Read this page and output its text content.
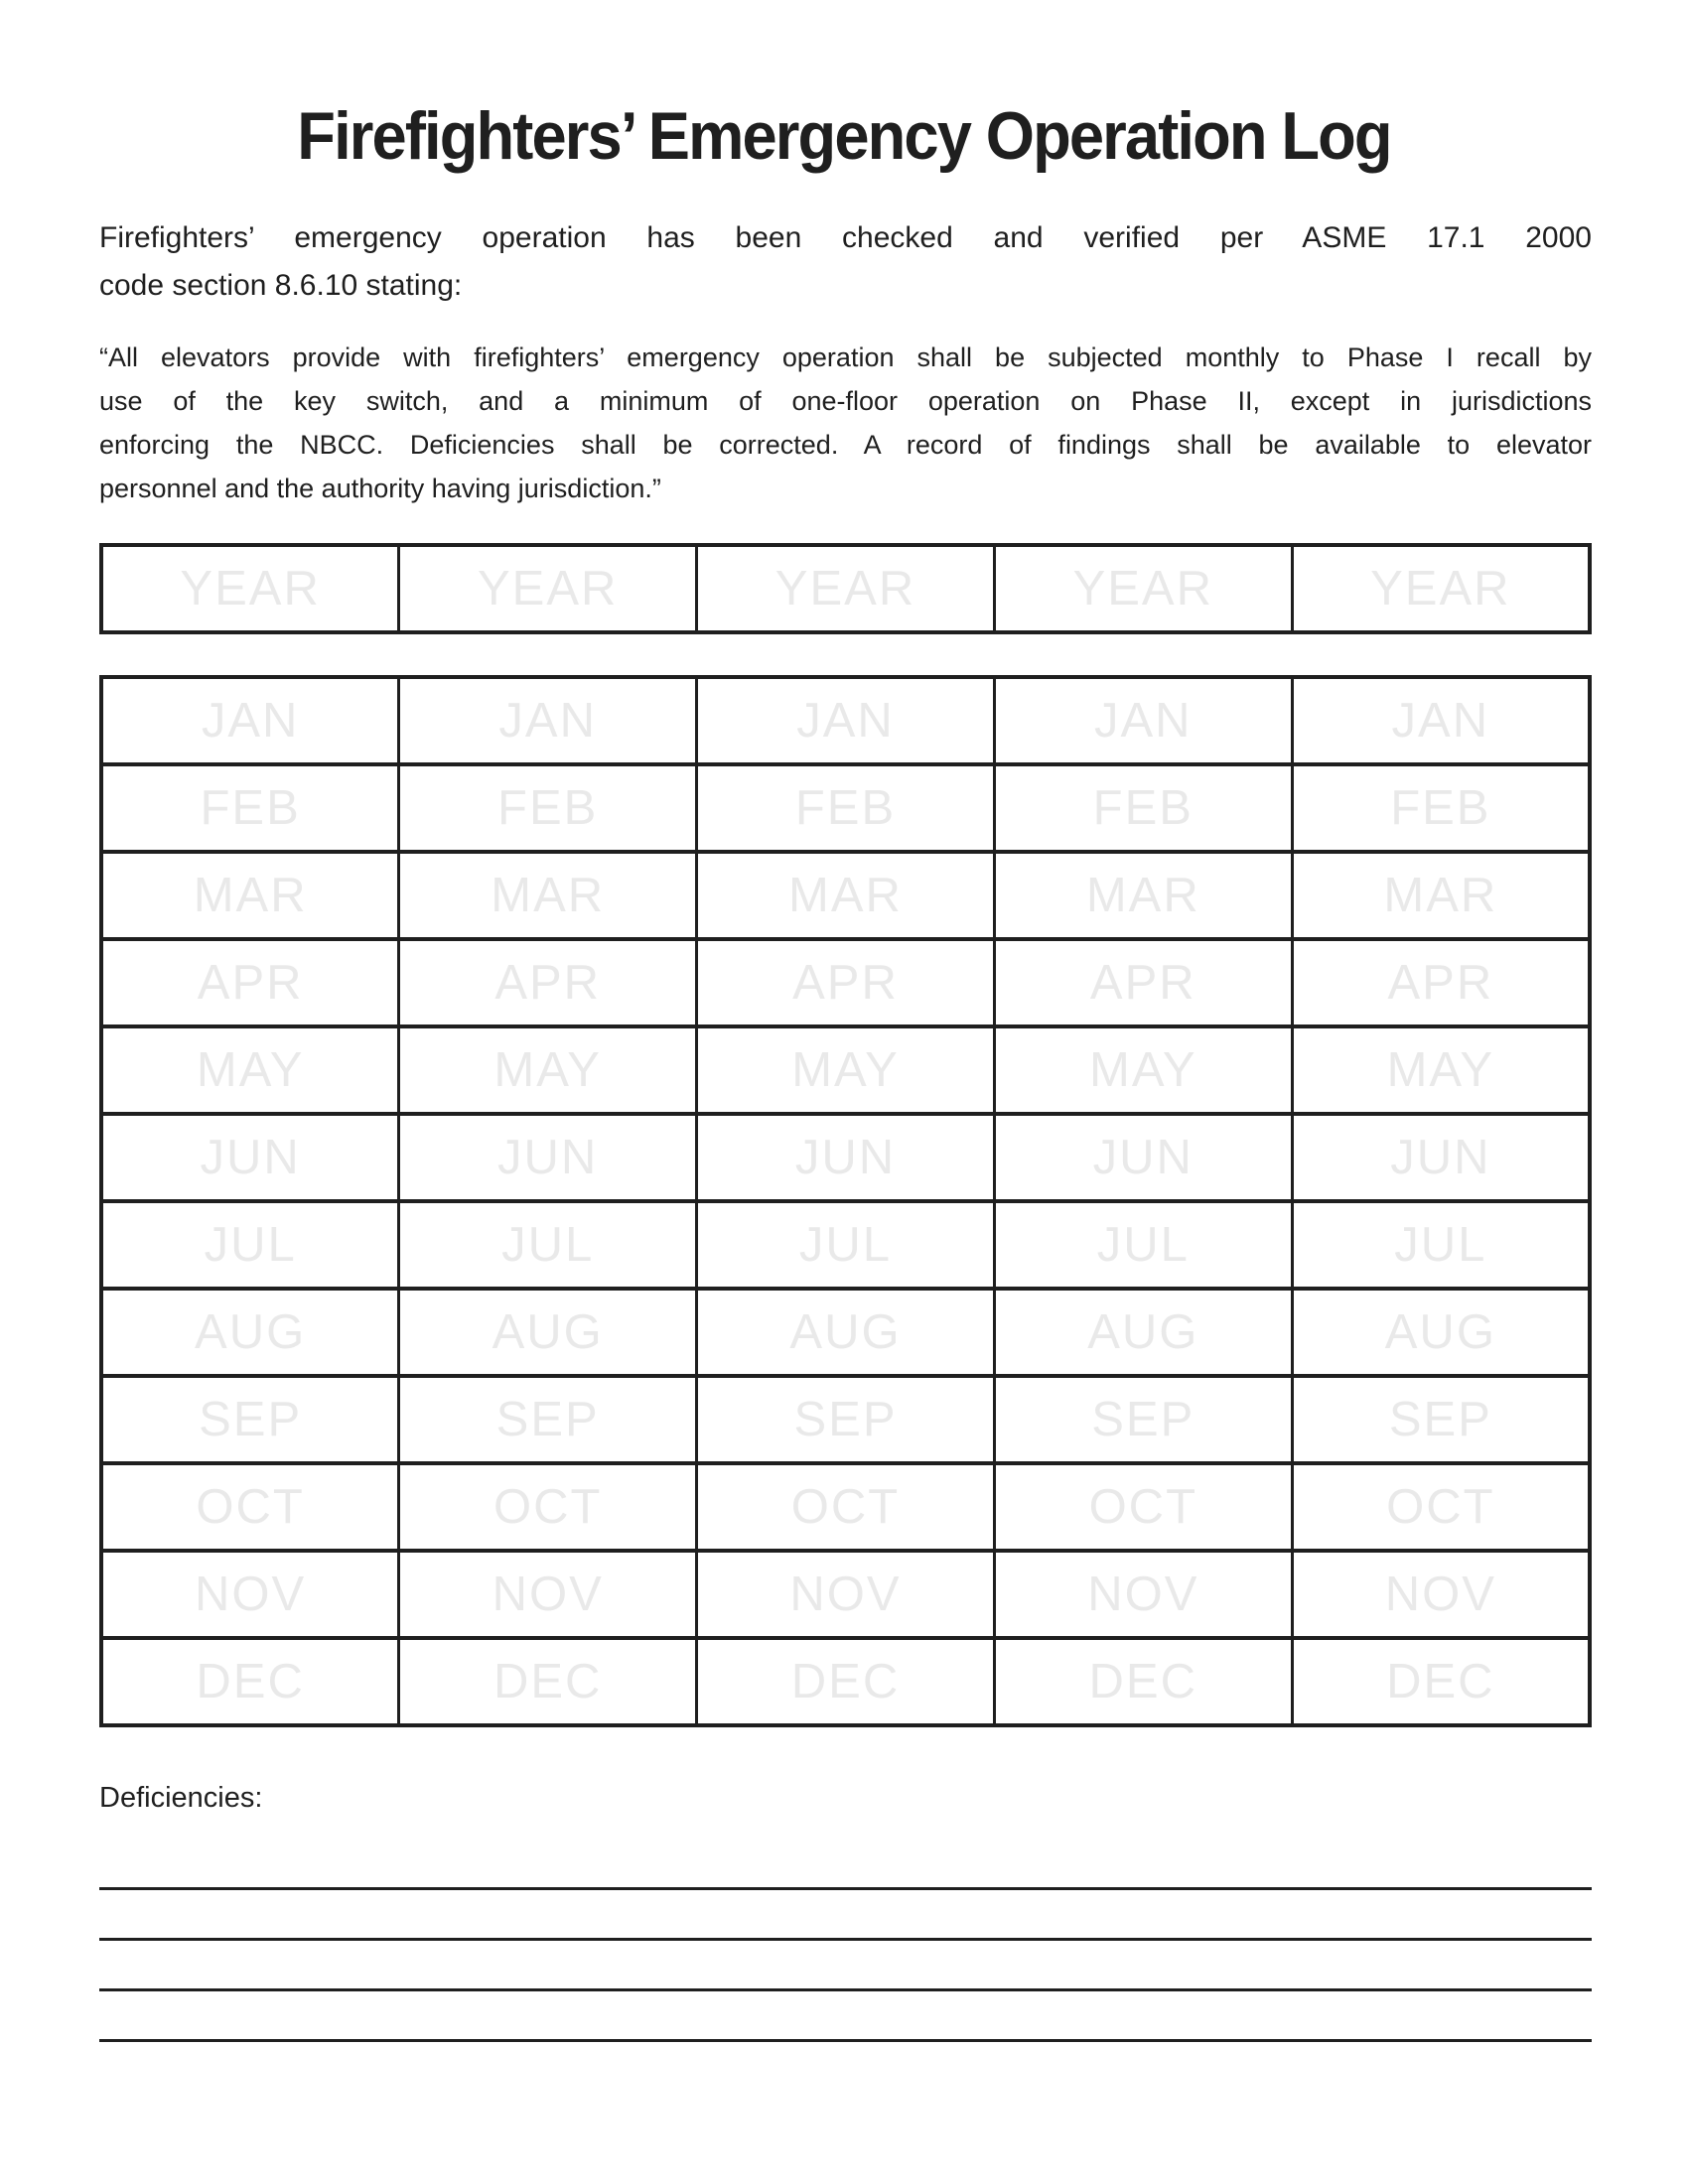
Firefighters’ Emergency Operation Log
Firefighters’ emergency operation has been checked and verified per ASME 17.1 2000
code section 8.6.10 stating:
“All elevators provide with firefighters’ emergency operation shall be subjected monthly to Phase I recall by
use of the key switch, and a minimum of one-floor operation on Phase II, except in jurisdictions
enforcing the NBCC. Deficiencies shall be corrected. A record of findings shall be available to elevator
personnel and the authority having jurisdiction.”
YEAR	YEAR	YEAR	YEAR	YEAR
JAN	JAN	JAN	JAN	JAN
FEB	FEB	FEB	FEB	FEB
MAR	MAR	MAR	MAR	MAR
APR	APR	APR	APR	APR
MAY	MAY	MAY	MAY	MAY
JUN	JUN	JUN	JUN	JUN
JUL	JUL	JUL	JUL	JUL
AUG	AUG	AUG	AUG	AUG
SEP	SEP	SEP	SEP	SEP
OCT	OCT	OCT	OCT	OCT
NOV	NOV	NOV	NOV	NOV
DEC	DEC	DEC	DEC	DEC
Deficiencies:
